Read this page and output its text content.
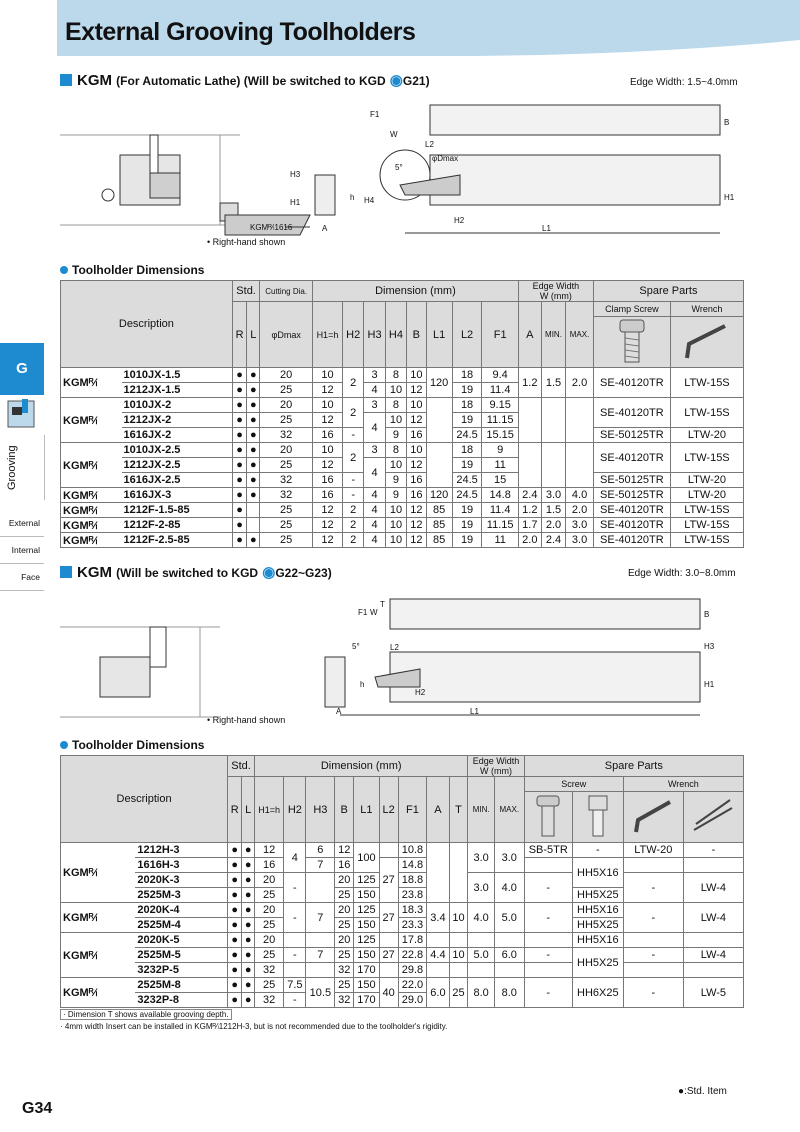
External Grooving Toolholders
G
Grooving
External
Internal
Face
KGM (For Automatic Lathe) (Will be switched to KGD ◉G21)	Edge Width: 1.5~4.0mm
F1
W
B
L2
φDmax
H3
H1
h H4
H2
A	L1
H1
5°
KGMᴿ⁄ₗ1616
• Right-hand shown
Toolholder Dimensions
Description		Std.		Cutting Dia.	Dimension (mm)								Edge Width
W (mm)			Spare Parts	
		R	L	φDmax	H1=h	H2	H3	H4	B	L1	L2	F1	A	MIN.	MAX.	Clamp Screw	Wrench

KGMᴿ⁄ₗ	1010JX-1.5	●	●	20	10	2	3	8	10	120	18	9.4	1.2	1.5	2.0	SE-40120TR	LTW-15S
	1212JX-1.5	●	●	25	12		4	10	12		19	11.4					
KGMᴿ⁄ₗ	1010JX-2	●	●	20	10	2	3	8	10		18	9.15				SE-40120TR	LTW-15S
	1212JX-2	●	●	25	12		4	10	12		19	11.15					
	1616JX-2	●	●	32	16	-		9	16		24.5	15.15				SE-50125TR	LTW-20
KGMᴿ⁄ₗ	1010JX-2.5	●	●	20	10	2	3	8	10		18	9				SE-40120TR	LTW-15S
	1212JX-2.5	●	●	25	12		4	10	12		19	11					
	1616JX-2.5	●	●	32	16	-		9	16		24.5	15				SE-50125TR	LTW-20
KGMᴿ⁄ₗ	1616JX-3	●	●	32	16	-	4	9	16	120	24.5	14.8	2.4	3.0	4.0	SE-50125TR	LTW-20
KGMᴿ⁄ₗ	1212F-1.5-85	●		25	12	2	4	10	12	85	19	11.4	1.2	1.5	2.0	SE-40120TR	LTW-15S
KGMᴿ⁄ₗ	1212F-2-85	●		25	12	2	4	10	12	85	19	11.15	1.7	2.0	3.0	SE-40120TR	LTW-15S
KGMᴿ⁄ₗ	1212F-2.5-85	●	●	25	12	2	4	10	12	85	19	11	2.0	2.4	3.0	SE-40120TR	LTW-15S
KGM (Will be switched to KGD ◉G22~G23)	Edge Width: 3.0~8.0mm
F1 W
T
B
5°	L2	H3
H1
h
H2
A	L1
• Right-hand shown
Toolholder Dimensions
Description		Std.		Dimension (mm)									Edge Width
W (mm)		Spare Parts			
		R	L	H1=h	H2	H3	B	L1	L2	F1	A	T	MIN.	MAX.	Screw		Wrench	

KGMᴿ⁄ₗ	1212H-3	●	●	12	4	6	12	100		10.8			3.0	3.0	SB-5TR	-	LTW-20	-
	1616H-3	●	●	16		7	16		27	14.8						HH5X16		
	2020K-3	●	●	20	-		20	125		18.8			3.0	4.0	-		-	LW-4
	2525M-3	●	●	25			25	150		23.8						HH5X25		
KGMᴿ⁄ₗ	2020K-4	●	●	20	-	7	20	125	27	18.3	3.4	10	4.0	5.0	-	HH5X16	-	LW-4
	2525M-4	●	●	25			25	150		23.3						HH5X25		
KGMᴿ⁄ₗ	2020K-5	●	●	20			20	125		17.8						HH5X16		
	2525M-5	●	●	25	-	7	25	150	27	22.8	4.4	10	5.0	6.0	-	HH5X25	-	LW-4
	3232P-5	●	●	32			32	170		29.8								
KGMᴿ⁄ₗ	2525M-8	●	●	25	7.5	10.5	25	150	40	22.0	6.0	25	8.0	8.0	-	HH6X25	-	LW-5
	3232P-8	●	●	32	-		32	170		29.0								
· Dimension T shows available grooving depth.
· 4mm width Insert can be installed in KGMᴿ⁄ₗ1212H-3, but is not recommended due to the toolholder's rigidity.
G34
●:Std. Item
